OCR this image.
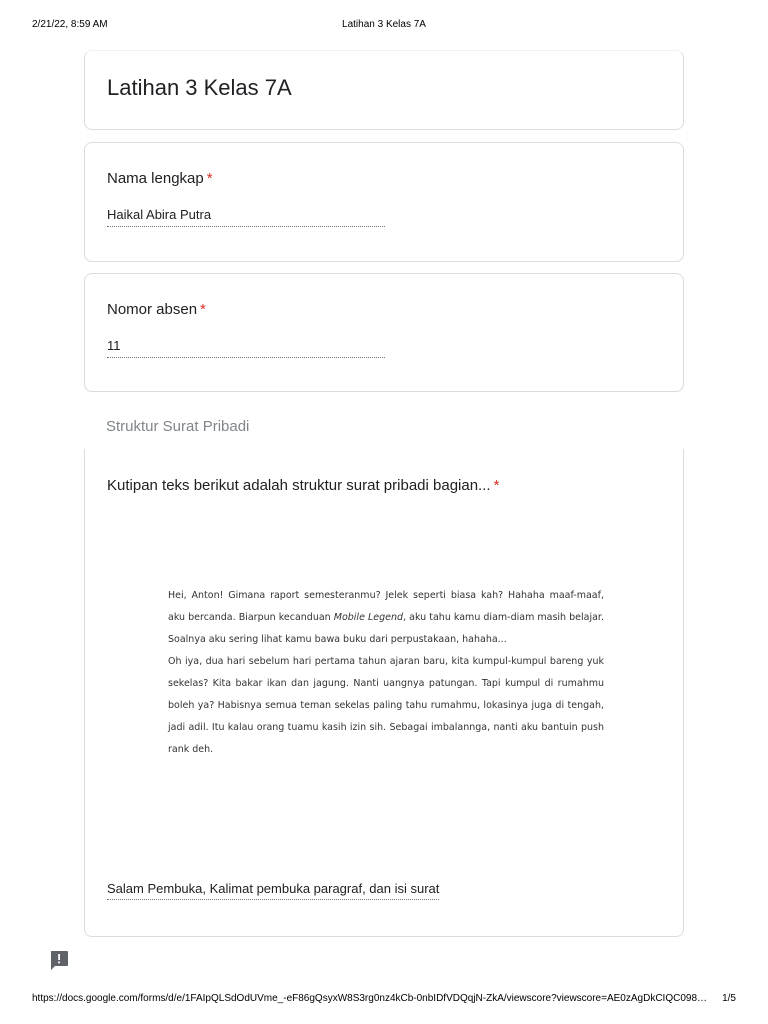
2/21/22, 8:59 AM	Latihan 3 Kelas 7A
Latihan 3 Kelas 7A
Nama lengkap *
Haikal Abira Putra
Nomor absen *
11
Struktur Surat Pribadi
Kutipan teks berikut adalah struktur surat pribadi bagian... *

Hei, Anton! Gimana raport semesteranmu? Jelek seperti biasa kah? Hahaha maaf-maaf, aku bercanda. Biarpun kecanduan Mobile Legend, aku tahu kamu diam-diam masih belajar. Soalnya aku sering lihat kamu bawa buku dari perpustakaan, hahaha...

Oh iya, dua hari sebelum hari pertama tahun ajaran baru, kita kumpul-kumpul bareng yuk sekelas? Kita bakar ikan dan jagung. Nanti uangnya patungan. Tapi kumpul di rumahmu boleh ya? Habisnya semua teman sekelas paling tahu rumahmu, lokasinya juga di tengah, jadi adil. Itu kalau orang tuamu kasih izin sih. Sebagai imbalannga, nanti aku bantuin push rank deh.

Salam Pembuka, Kalimat pembuka paragraf, dan isi surat
https://docs.google.com/forms/d/e/1FAIpQLSdOdUVme_-eF86gQsyxW8S3rg0nz4kCb-0nbIDfVDQqjN-ZkA/viewscore?viewscore=AE0zAgDkCIQC098…	1/5
